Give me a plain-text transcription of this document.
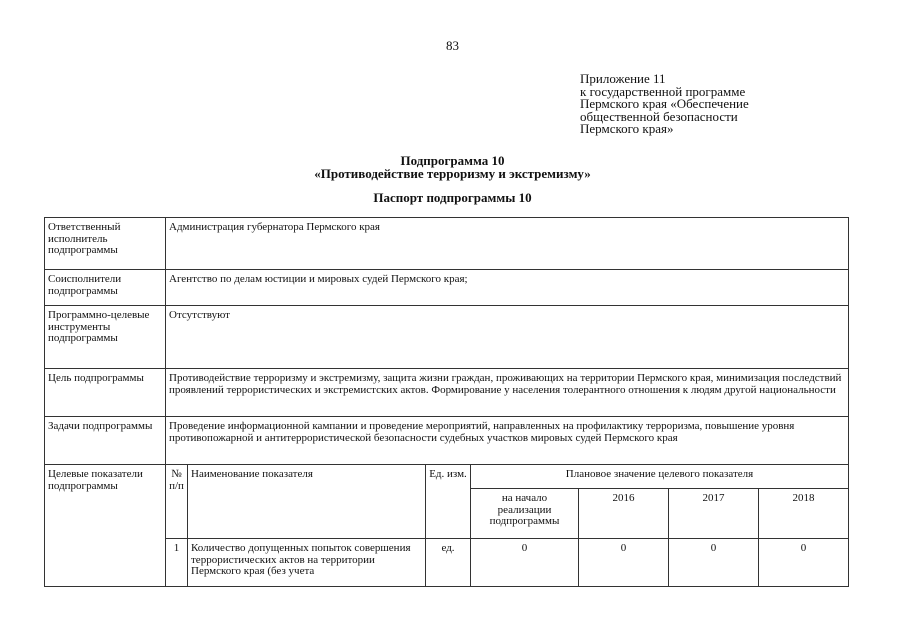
83
Приложение 11
к государственной программе
Пермского края «Обеспечение
общественной безопасности
Пермского края»
Подпрограмма 10
«Противодействие терроризму и экстремизму»
Паспорт подпрограммы 10
Ответственный исполнитель подпрограммы	Администрация губернатора Пермского края						
Соисполнители подпрограммы	Агентство по делам юстиции и мировых судей Пермского края;						
Программно-целевые инструменты подпрограммы	Отсутствуют						
Цель подпрограммы	Противодействие терроризму и экстремизму, защита жизни граждан, проживающих на территории Пермского края, минимизация последствий проявлений террористических и экстремистских актов. Формирование у населения толерантного отношения к людям другой национальности						
Задачи подпрограммы	Проведение информационной кампании и проведение мероприятий, направленных на профилактику терроризма, повышение уровня противопожарной и антитеррористической безопасности судебных участков мировых судей Пермского края						
Целевые показатели подпрограммы	№ п/п	Наименование показателя	Ед. изм.	Плановое значение целевого показателя			
				на начало реализации подпрограммы	2016	2017	2018
	1	Количество допущенных попыток совершения террористических актов на территории Пермского края (без учета	ед.	0	0	0	0
